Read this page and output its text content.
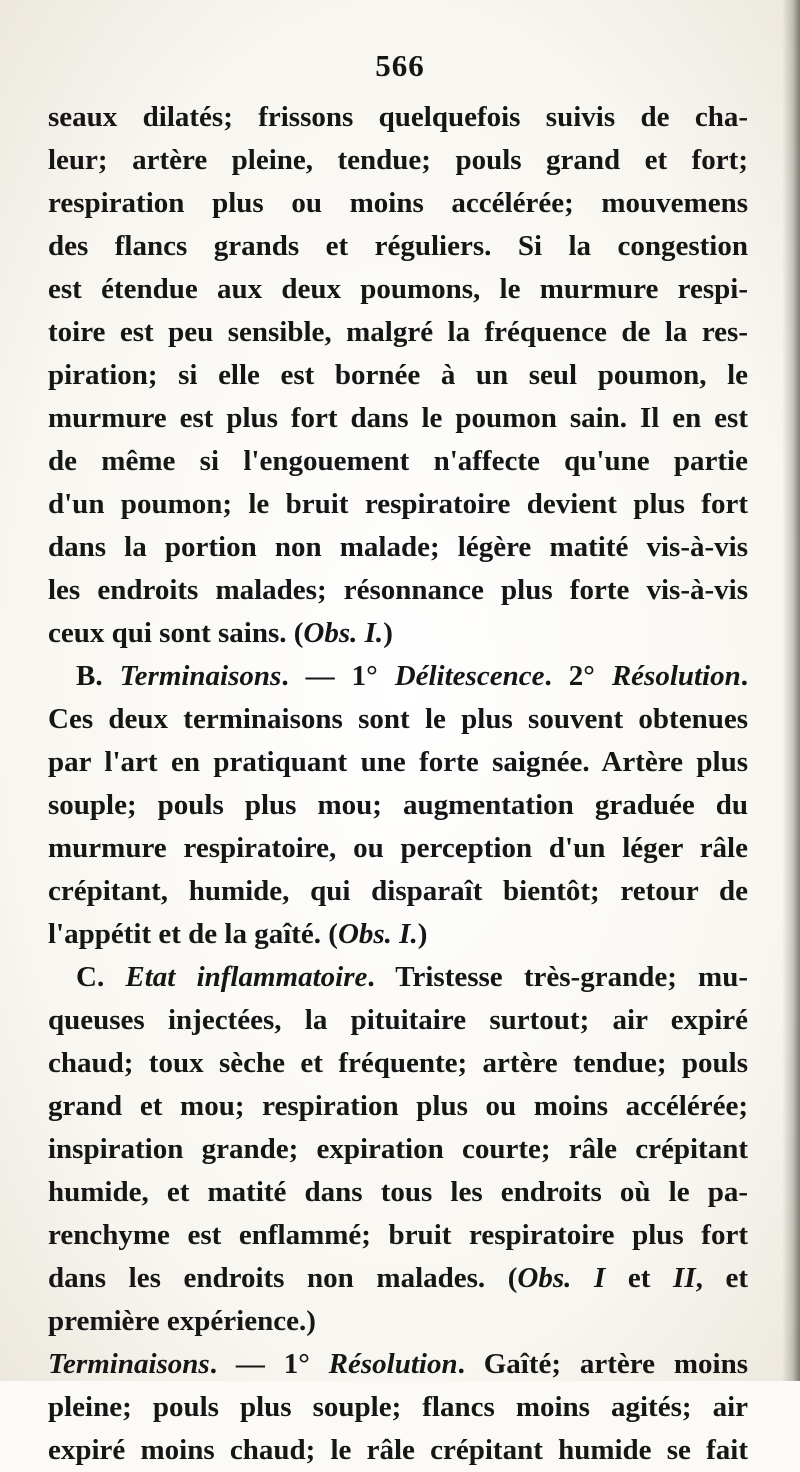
566
seaux dilatés; frissons quelquefois suivis de cha-
leur; artère pleine, tendue; pouls grand et fort;
respiration plus ou moins accélérée; mouvemens
des flancs grands et réguliers. Si la congestion
est étendue aux deux poumons, le murmure respi-
toire est peu sensible, malgré la fréquence de la res-
piration; si elle est bornée à un seul poumon, le
murmure est plus fort dans le poumon sain. Il en est
de même si l'engouement n'affecte qu'une partie
d'un poumon; le bruit respiratoire devient plus fort
dans la portion non malade; légère matité vis-à-vis
les endroits malades; résonnance plus forte vis-à-vis
ceux qui sont sains. (Obs. I.)
B. Terminaisons. — 1° Délitescence. 2° Résolution.
Ces deux terminaisons sont le plus souvent obtenues
par l'art en pratiquant une forte saignée. Artère plus
souple; pouls plus mou; augmentation graduée du
murmure respiratoire, ou perception d'un léger râle
crépitant, humide, qui disparaît bientôt; retour de
l'appétit et de la gaîté. (Obs. I.)
C. Etat inflammatoire. Tristesse très-grande; mu-
queuses injectées, la pituitaire surtout; air expiré
chaud; toux sèche et fréquente; artère tendue; pouls
grand et mou; respiration plus ou moins accélérée;
inspiration grande; expiration courte; râle crépitant
humide, et matité dans tous les endroits où le pa-
renchyme est enflammé; bruit respiratoire plus fort
dans les endroits non malades. (Obs. I et II, et
première expérience.)
Terminaisons. — 1° Résolution. Gaîté; artère moins
pleine; pouls plus souple; flancs moins agités; air
expiré moins chaud; le râle crépitant humide se fait
